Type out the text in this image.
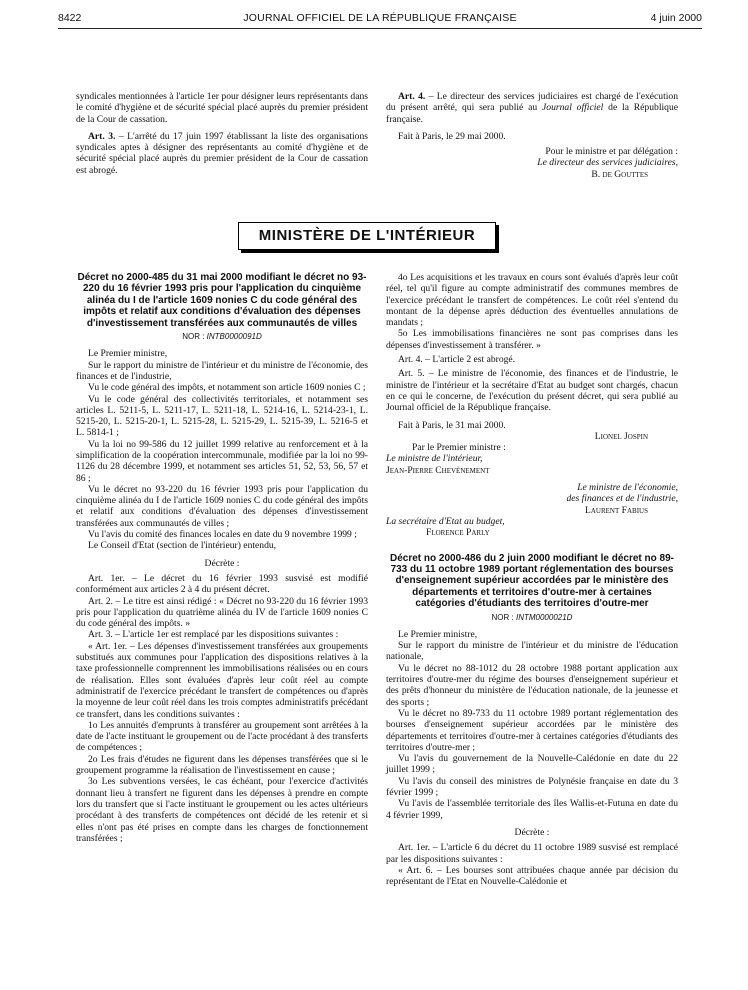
8422	JOURNAL OFFICIEL DE LA RÉPUBLIQUE FRANÇAISE	4 juin 2000

syndicales mentionnées à l'article 1er pour désigner leurs représentants dans le comité d'hygiène et de sécurité spécial placé auprès du premier président de la Cour de cassation.

Art. 3. – L'arrêté du 17 juin 1997 établissant la liste des organisations syndicales aptes à désigner des représentants au comité d'hygiène et de sécurité spécial placé auprès du premier président de la Cour de cassation est abrogé.

Art. 4. – Le directeur des services judiciaires est chargé de l'exécution du présent arrêté, qui sera publié au Journal officiel de la République française.

Fait à Paris, le 29 mai 2000.

Pour le ministre et par délégation :

Le directeur des services judiciaires,

B. de Gouttes

MINISTÈRE DE L'INTÉRIEUR
Décret no 2000-485 du 31 mai 2000 modifiant le décret no 93-220 du 16 février 1993 pris pour l'application du cinquième alinéa du I de l'article 1609 nonies C du code général des impôts et relatif aux conditions d'évaluation des dépenses d'investissement transférées aux communautés de villes
NOR : INTB0000091D

Le Premier ministre,

Sur le rapport du ministre de l'intérieur et du ministre de l'économie, des finances et de l'industrie,

Vu le code général des impôts, et notamment son article 1609 nonies C ;

Vu le code général des collectivités territoriales, et notamment ses articles L. 5211-5, L. 5211-17, L. 5211-18, L. 5214-16, L. 5214-23-1, L. 5215-20, L. 5215-20-1, L. 5215-28, L. 5215-29, L. 5215-39, L. 5216-5 et L. 5814-1 ;

Vu la loi no 99-586 du 12 juillet 1999 relative au renforcement et à la simplification de la coopération intercommunale, modifiée par la loi no 99-1126 du 28 décembre 1999, et notamment ses articles 51, 52, 53, 56, 57 et 86 ;

Vu le décret no 93-220 du 16 février 1993 pris pour l'application du cinquième alinéa du I de l'article 1609 nonies C du code général des impôts et relatif aux conditions d'évaluation des dépenses d'investissement transférées aux communautés de villes ;

Vu l'avis du comité des finances locales en date du 9 novembre 1999 ;

Le Conseil d'Etat (section de l'intérieur) entendu,

Décrète :

Art. 1er. – Le décret du 16 février 1993 susvisé est modifié conformément aux articles 2 à 4 du présent décret.

Art. 2. – Le titre est ainsi rédigé : « Décret no 93-220 du 16 février 1993 pris pour l'application du quatrième alinéa du IV de l'article 1609 nonies C du code général des impôts. »

Art. 3. – L'article 1er est remplacé par les dispositions suivantes :

« Art. 1er. – Les dépenses d'investissement transférées aux groupements substitués aux communes pour l'application des dispositions relatives à la taxe professionnelle comprennent les immobilisations réalisées ou en cours de réalisation. Elles sont évaluées d'après leur coût réel au compte administratif de l'exercice précédant le transfert de compétences ou d'après la moyenne de leur coût réel dans les trois comptes administratifs précédant ce transfert, dans les conditions suivantes :

1o Les annuités d'emprunts à transférer au groupement sont arrêtées à la date de l'acte instituant le groupement ou de l'acte procédant à des transferts de compétences ;

2o Les frais d'études ne figurent dans les dépenses transférées que si le groupement programme la réalisation de l'investissement en cause ;

3o Les subventions versées, le cas échéant, pour l'exercice d'activités donnant lieu à transfert ne figurent dans les dépenses à prendre en compte lors du transfert que si l'acte instituant le groupement ou les actes ultérieurs procédant à des transferts de compétences ont décidé de les retenir et si elles n'ont pas été prises en compte dans les charges de fonctionnement transférées ;

4o Les acquisitions et les travaux en cours sont évalués d'après leur coût réel, tel qu'il figure au compte administratif des communes membres de l'exercice précédant le transfert de compétences. Le coût réel s'entend du montant de la dépense après déduction des éventuelles annulations de mandats ;

5o Les immobilisations financières ne sont pas comprises dans les dépenses d'investissement à transférer. »

Art. 4. – L'article 2 est abrogé.

Art. 5. – Le ministre de l'économie, des finances et de l'industrie, le ministre de l'intérieur et la secrétaire d'Etat au budget sont chargés, chacun en ce qui le concerne, de l'exécution du présent décret, qui sera publié au Journal officiel de la République française.

Fait à Paris, le 31 mai 2000.

Lionel Jospin

Par le Premier ministre :

Le ministre de l'intérieur,

Jean-Pierre Chevènement

Le ministre de l'économie,

des finances et de l'industrie,

Laurent Fabius

La secrétaire d'Etat au budget,

Florence Parly

Décret no 2000-486 du 2 juin 2000 modifiant le décret no 89-733 du 11 octobre 1989 portant réglementation des bourses d'enseignement supérieur accordées par le ministère des départements et territoires d'outre-mer à certaines catégories d'étudiants des territoires d'outre-mer
NOR : INTM0000021D

Le Premier ministre,

Sur le rapport du ministre de l'intérieur et du ministre de l'éducation nationale,

Vu le décret no 88-1012 du 28 octobre 1988 portant application aux territoires d'outre-mer du régime des bourses d'enseignement supérieur et des prêts d'honneur du ministère de l'éducation nationale, de la jeunesse et des sports ;

Vu le décret no 89-733 du 11 octobre 1989 portant réglementation des bourses d'enseignement supérieur accordées par le ministère des départements et territoires d'outre-mer à certaines catégories d'étudiants des territoires d'outre-mer ;

Vu l'avis du gouvernement de la Nouvelle-Calédonie en date du 22 juillet 1999 ;

Vu l'avis du conseil des ministres de Polynésie française en date du 3 février 1999 ;

Vu l'avis de l'assemblée territoriale des îles Wallis-et-Futuna en date du 4 février 1999,

Décrète :

Art. 1er. – L'article 6 du décret du 11 octobre 1989 susvisé est remplacé par les dispositions suivantes :

« Art. 6. – Les bourses sont attribuées chaque année par décision du représentant de l'Etat en Nouvelle-Calédonie et
